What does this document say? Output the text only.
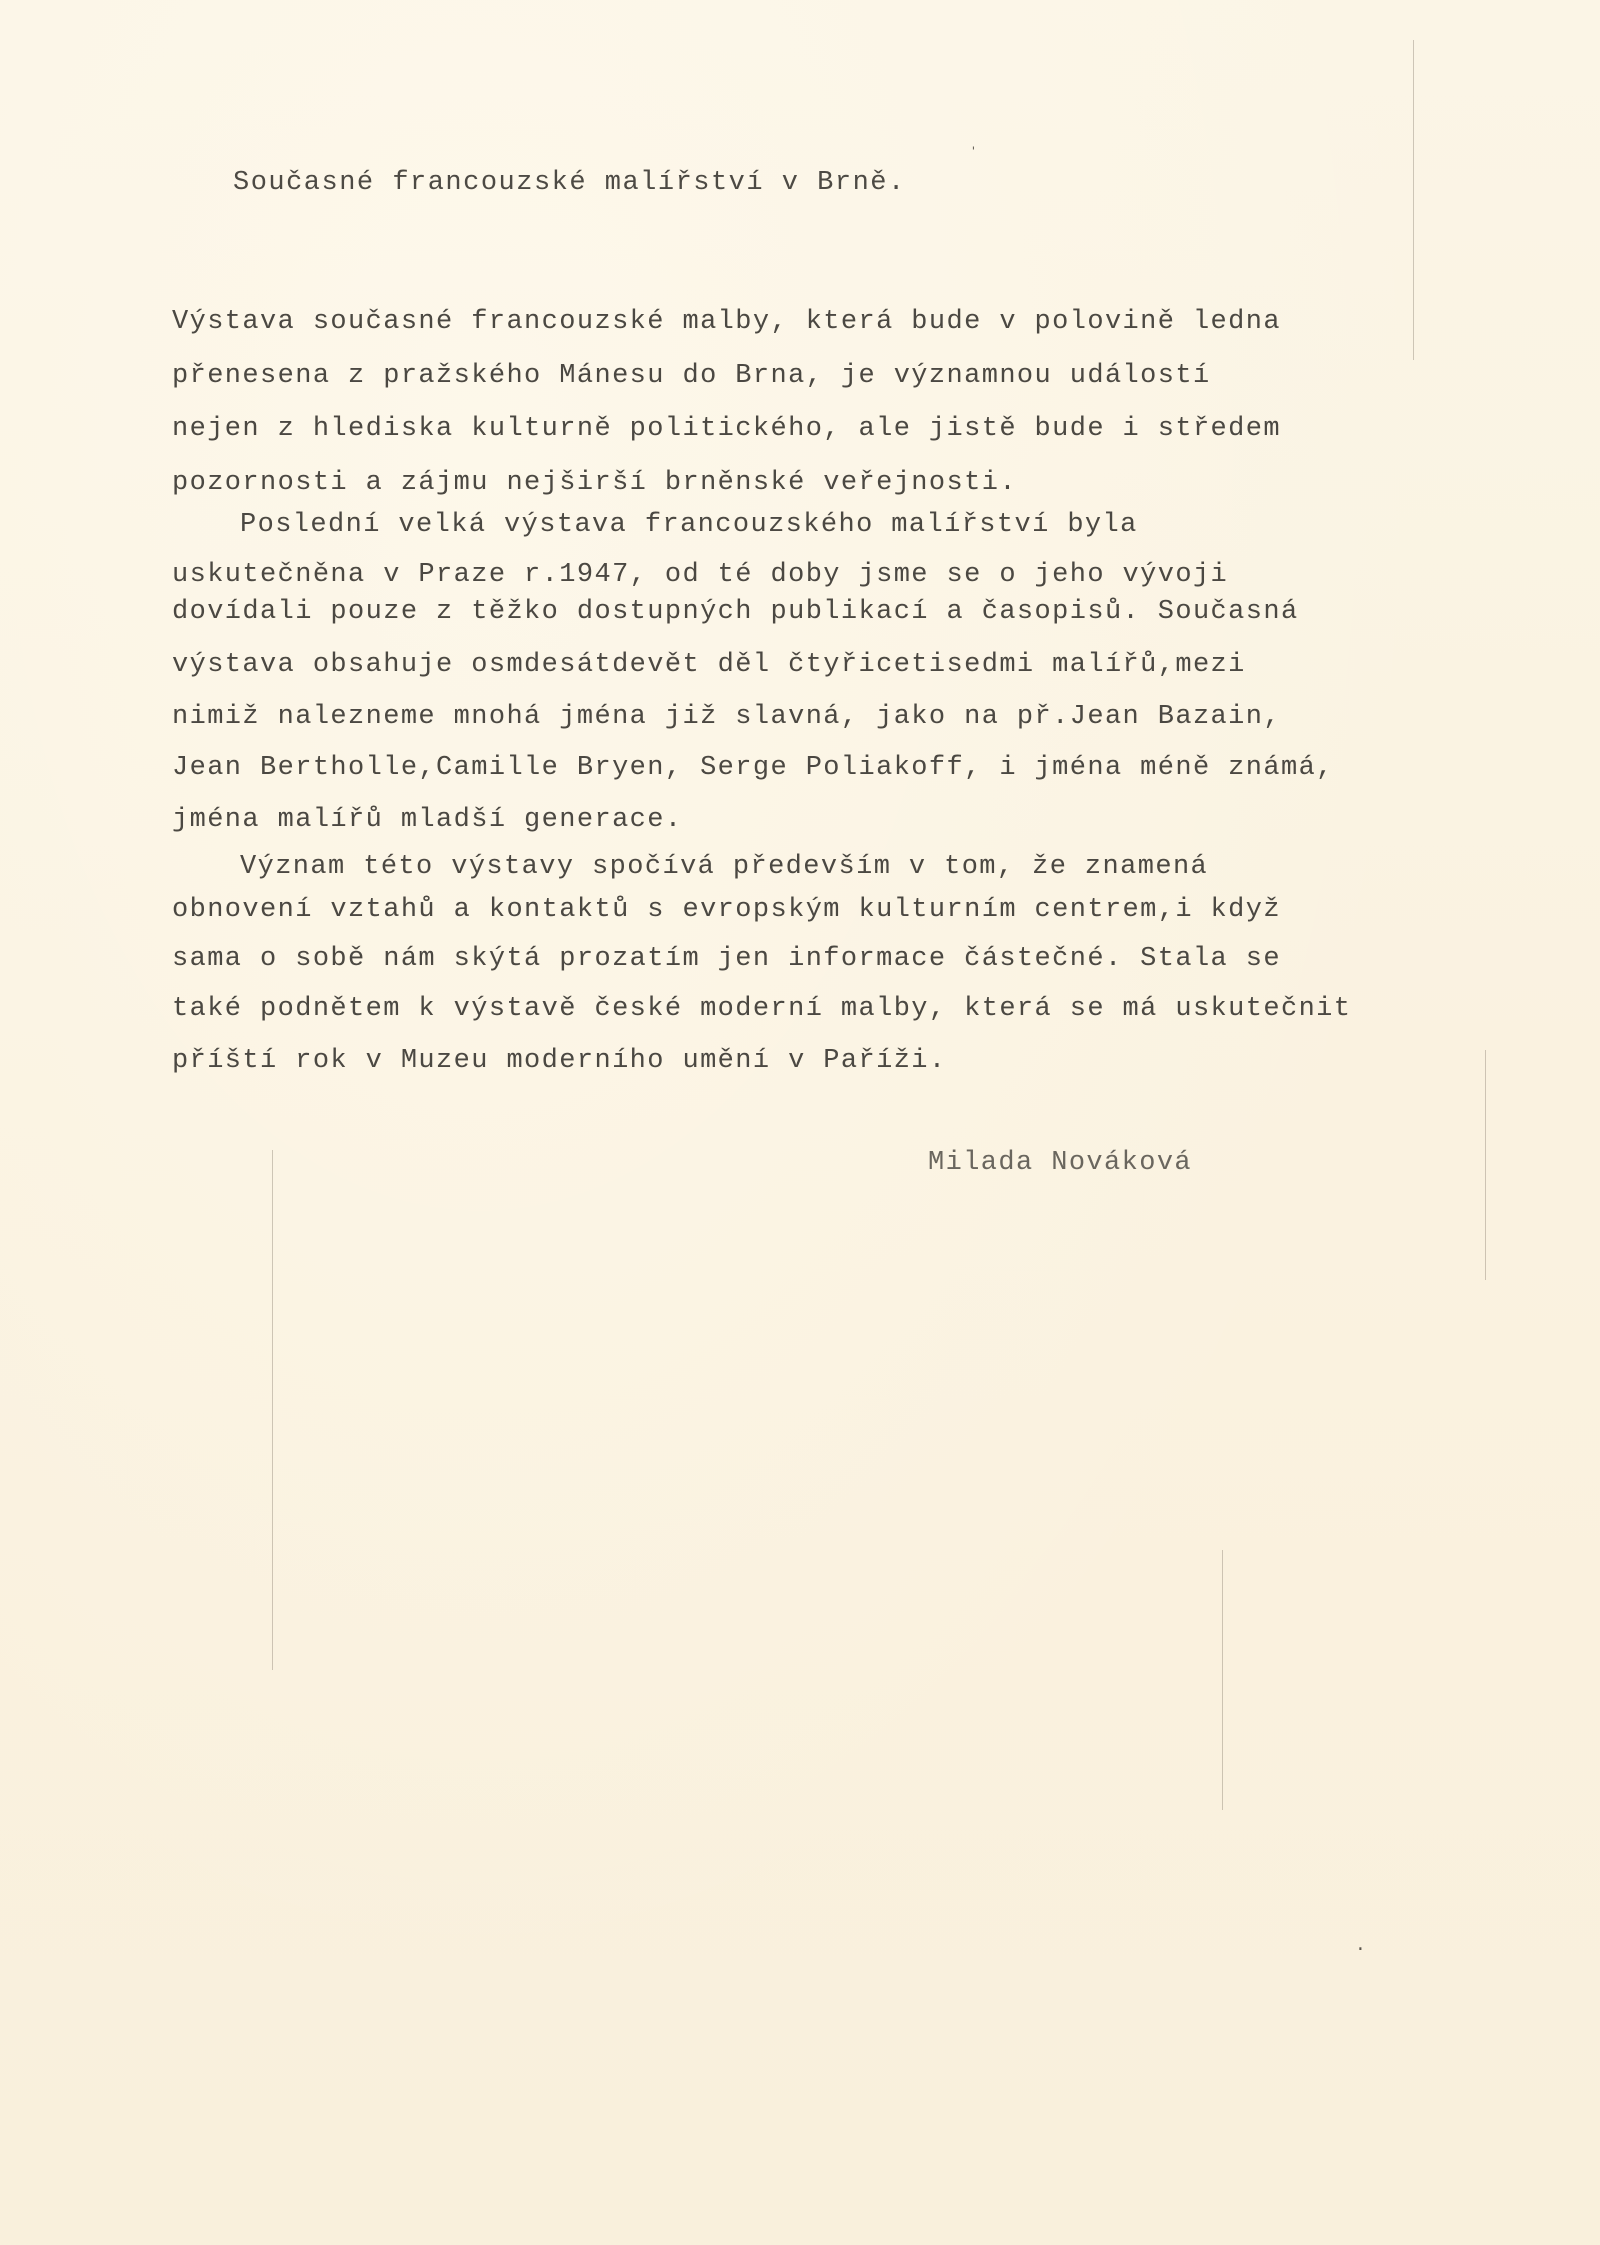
Současné francouzské malířství v Brně.
Výstava současné francouzské malby, která bude v polovině ledna
přenesena z pražského Mánesu do Brna, je významnou událostí
nejen z hlediska kulturně politického, ale jistě bude i středem
pozornosti a zájmu nejširší brněnské veřejnosti.
Poslední velká výstava francouzského malířství byla
uskutečněna v Praze r.1947, od té doby jsme se o jeho vývoji
dovídali pouze z těžko dostupných publikací a časopisů. Současná
výstava obsahuje osmdesátdevět děl čtyřicetisedmi malířů,mezi
nimiž nalezneme mnohá jména již slavná, jako na př.Jean Bazain,
Jean Bertholle,Camille Bryen, Serge Poliakoff, i jména méně známá,
jména malířů mladší generace.
Význam této výstavy spočívá především v tom, že znamená
obnovení vztahů a kontaktů s evropským kulturním centrem,i když
sama o sobě nám skýtá prozatím jen informace částečné. Stala se
také podnětem k výstavě české moderní malby, která se má uskutečnit
příští rok v Muzeu moderního umění v Paříži.
Milada Nováková
ˌ
·
